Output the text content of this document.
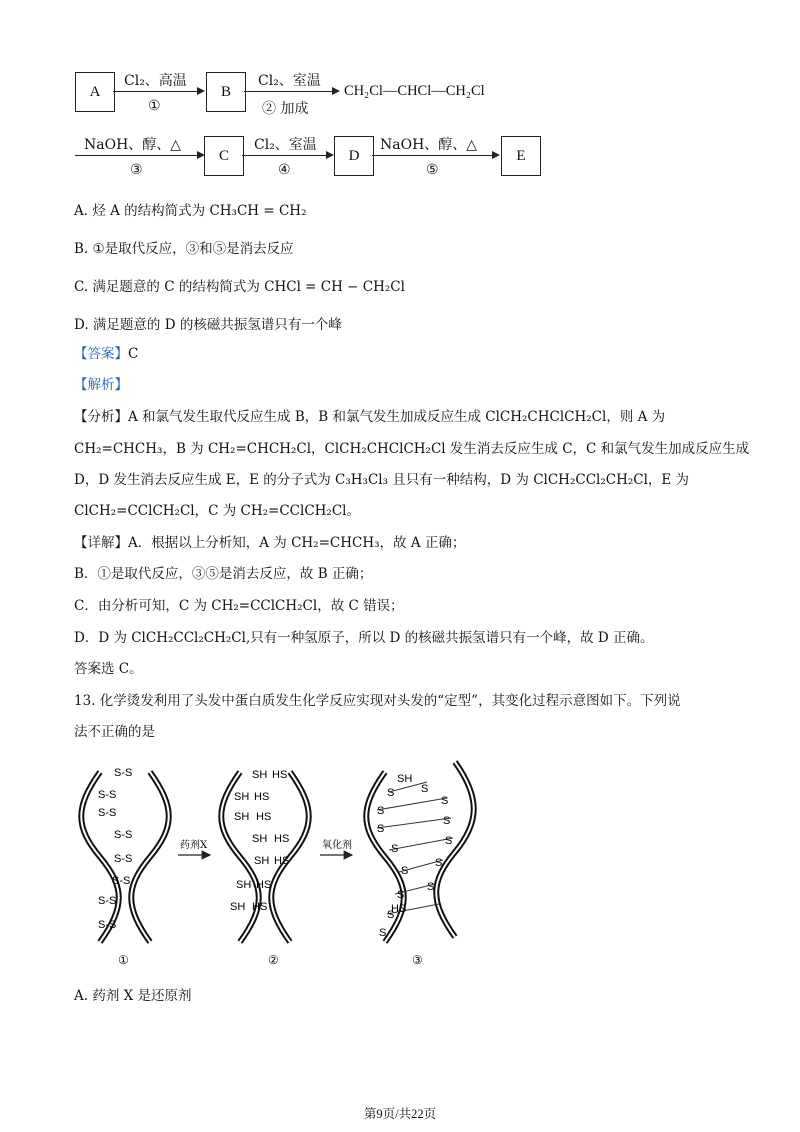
A
Cl₂、高温
①
B
Cl₂、室温
② 加成
CH₂Cl—CHCl—CH₂Cl
NaOH、醇、△
③
C
Cl₂、室温
④
D
NaOH、醇、△
⑤
E
A. 烃 A 的结构简式为 CH₃CH = CH₂
B. ①是取代反应，③和⑤是消去反应
C. 满足题意的 C 的结构简式为 CHCl = CH − CH₂Cl
D. 满足题意的 D 的核磁共振氢谱只有一个峰
【答案】C
【解析】
【分析】A 和氯气发生取代反应生成 B，B 和氯气发生加成反应生成 ClCH₂CHClCH₂Cl，则 A 为
CH₂=CHCH₃，B 为 CH₂=CHCH₂Cl，ClCH₂CHClCH₂Cl 发生消去反应生成 C，C 和氯气发生加成反应生成
D，D 发生消去反应生成 E，E 的分子式为 C₃H₃Cl₃ 且只有一种结构，D 为 ClCH₂CCl₂CH₂Cl，E 为
ClCH₂=CClCH₂Cl，C 为 CH₂=CClCH₂Cl。
【详解】A．根据以上分析知，A 为 CH₂=CHCH₃，故 A 正确；
B．①是取代反应，③⑤是消去反应，故 B 正确；
C．由分析可知，C 为 CH₂=CClCH₂Cl，故 C 错误；
D．D 为 ClCH₂CCl₂CH₂Cl,只有一种氢原子，所以 D 的核磁共振氢谱只有一个峰，故 D 正确。
答案选 C。
13. 化学烫发利用了头发中蛋白质发生化学反应实现对头发的“定型”，其变化过程示意图如下。下列说
法不正确的是
S-S
S-S
S-S
S-S
S-S
S-S
S-S
S-S
①
药剂X
SH HS
SH HS
SH HS
SH HS
SH HS
SH HS
SH HS
②
氧化剂
S
SH
S
S
S
S
S
S
S
S
S
S
S
S
S
HS
③
A. 药剂 X 是还原剂
第9页/共22页
